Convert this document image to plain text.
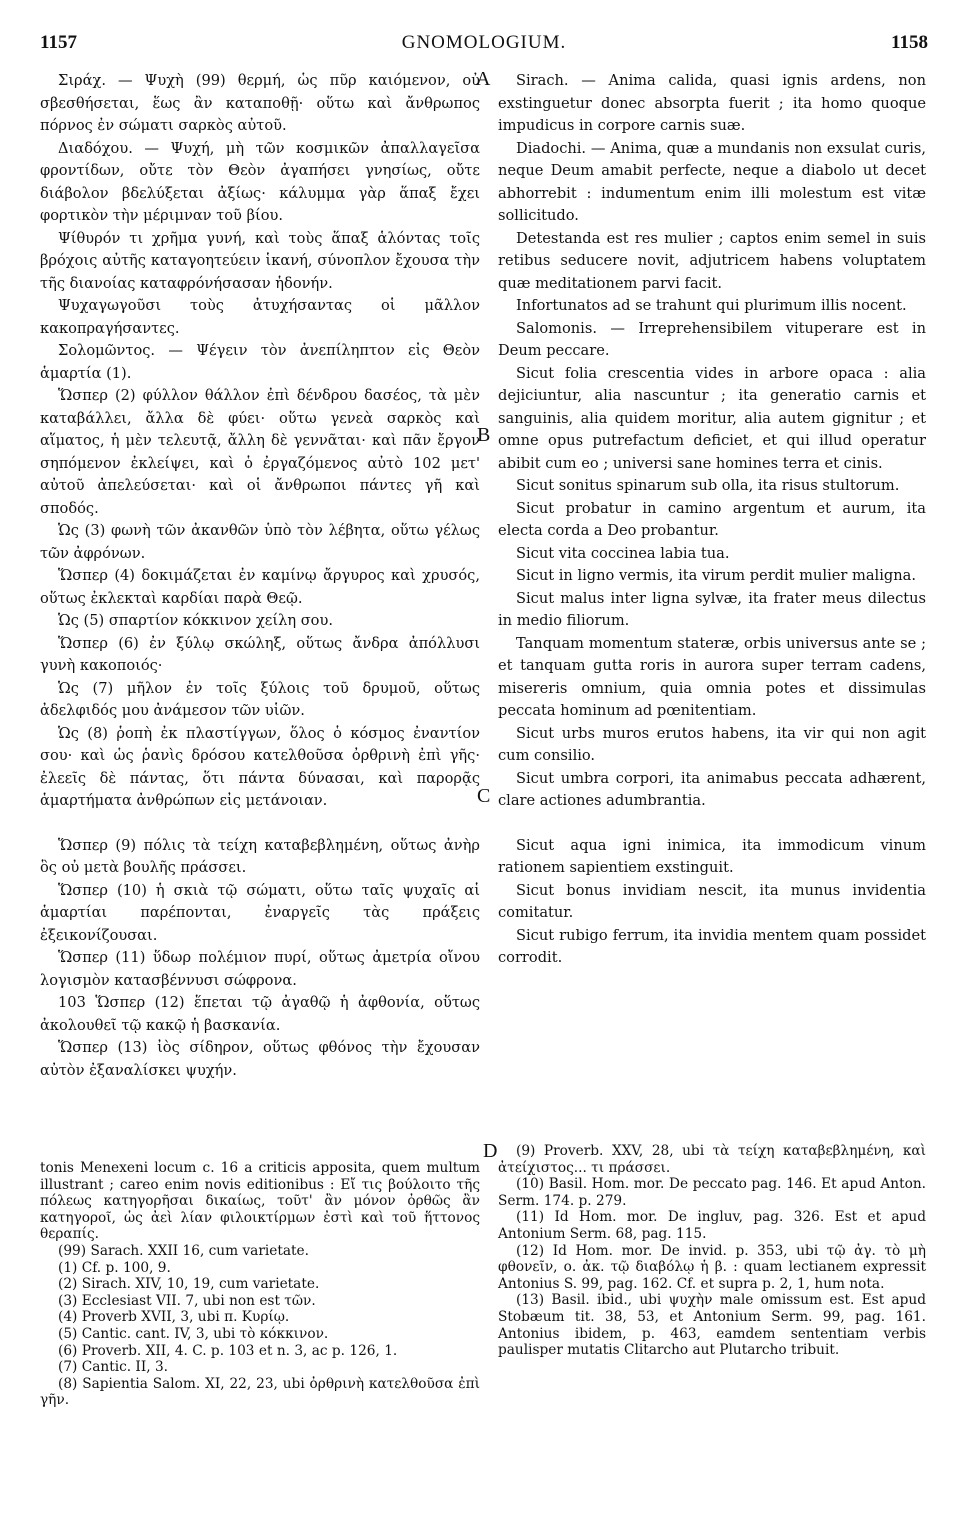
1157	GNOMOLOGIUM.	1158
A
B
C
D

Σιράχ. — Ψυχὴ (99) θερμή, ὡς πῦρ καιόμενον, οὐ σβεσθήσεται, ἕως ἂν καταποθῇ· οὕτω καὶ ἄνθρωπος πόρνος ἐν σώματι σαρκὸς αὐτοῦ.

Διαδόχου. — Ψυχή, μὴ τῶν κοσμικῶν ἀπαλλαγεῖσα φροντίδων, οὔτε τὸν Θεὸν ἀγαπήσει γνησίως, οὔτε διάβολον βδελύξεται ἀξίως· κάλυμμα γὰρ ἅπαξ ἔχει φορτικὸν τὴν μέριμναν τοῦ βίου.

Ψίθυρόν τι χρῆμα γυνή, καὶ τοὺς ἅπαξ ἁλόντας τοῖς βρόχοις αὐτῆς καταγοητεύειν ἱκανή, σύνοπλον ἔχουσα τὴν τῆς διανοίας καταφρόνήσασαν ἡδονήν.

Ψυχαγωγοῦσι τοὺς ἀτυχήσαντας οἱ μᾶλλον κακοπραγήσαντες.

Σολομῶντος. — Ψέγειν τὸν ἀνεπίληπτον εἰς Θεὸν ἁμαρτία (1).

Ὥσπερ (2) φύλλον θάλλον ἐπὶ δένδρου δασέος, τὰ μὲν καταβάλλει, ἄλλα δὲ φύει· οὕτω γενεὰ σαρκὸς καὶ αἵματος, ἡ μὲν τελευτᾷ, ἄλλη δὲ γεννᾶται· καὶ πᾶν ἔργον σηπόμενον ἐκλείψει, καὶ ὁ ἐργαζόμενος αὐτὸ 102 μετ' αὐτοῦ ἀπελεύσεται· καὶ οἱ ἄνθρωποι πάντες γῆ καὶ σποδός.

Ὡς (3) φωνὴ τῶν ἀκανθῶν ὑπὸ τὸν λέβητα, οὕτω γέλως τῶν ἀφρόνων.

Ὥσπερ (4) δοκιμάζεται ἐν καμίνῳ ἄργυρος καὶ χρυσός, οὕτως ἐκλεκταὶ καρδίαι παρὰ Θεῷ.

Ὡς (5) σπαρτίον κόκκινον χείλη σου.

Ὥσπερ (6) ἐν ξύλῳ σκώληξ, οὕτως ἄνδρα ἀπόλλυσι γυνὴ κακοποιός·

Ὡς (7) μῆλον ἐν τοῖς ξύλοις τοῦ δρυμοῦ, οὕτως ἀδελφιδός μου ἀνάμεσον τῶν υἱῶν.

Ὡς (8) ῥοπὴ ἐκ πλαστίγγων, ὅλος ὁ κόσμος ἐναντίον σου· καὶ ὡς ῥανὶς δρόσου κατελθοῦσα ὀρθρινὴ ἐπὶ γῆς· ἐλεεῖς δὲ πάντας, ὅτι πάντα δύνασαι, καὶ παρορᾷς ἁμαρτήματα ἀνθρώπων εἰς μετάνοιαν.

Ὥσπερ (9) πόλις τὰ τείχη καταβεβλημένη, οὕτως ἀνὴρ ὃς οὐ μετὰ βουλῆς πράσσει.

Ὥσπερ (10) ἡ σκιὰ τῷ σώματι, οὕτω ταῖς ψυχαῖς αἱ ἁμαρτίαι παρέπονται, ἐναργεῖς τὰς πράξεις ἐξεικονίζουσαι.

Ὥσπερ (11) ὕδωρ πολέμιον πυρί, οὕτως ἀμετρία οἴνου λογισμὸν κατασβέννυσι σώφρονα.

103 Ὥσπερ (12) ἕπεται τῷ ἀγαθῷ ἡ ἀφθονία, οὕτως ἀκολουθεῖ τῷ κακῷ ἡ βασκανία.

Ὥσπερ (13) ἰὸς σίδηρον, οὕτως φθόνος τὴν ἔχουσαν αὐτὸν ἐξαναλίσκει ψυχήν.

Sirach. — Anima calida, quasi ignis ardens, non exstinguetur donec absorpta fuerit ; ita homo quoque impudicus in corpore carnis suæ.

Diadochi. — Anima, quæ a mundanis non exsulat curis, neque Deum amabit perfecte, neque a diabolo ut decet abhorrebit : indumentum enim illi molestum est vitæ sollicitudo.

Detestanda est res mulier ; captos enim semel in suis retibus seducere novit, adjutricem habens voluptatem quæ meditationem parvi facit.

Infortunatos ad se trahunt qui plurimum illis nocent.

Salomonis. — Irreprehensibilem vituperare est in Deum peccare.

Sicut folia crescentia vides in arbore opaca : alia dejiciuntur, alia nascuntur ; ita generatio carnis et sanguinis, alia quidem moritur, alia autem gignitur ; et omne opus putrefactum deficiet, et qui illud operatur abibit cum eo ; universi sane homines terra et cinis.

Sicut sonitus spinarum sub olla, ita risus stultorum.

Sicut probatur in camino argentum et aurum, ita electa corda a Deo probantur.

Sicut vita coccinea labia tua.

Sicut in ligno vermis, ita virum perdit mulier maligna.

Sicut malus inter ligna sylvæ, ita frater meus dilectus in medio filiorum.

Tanquam momentum stateræ, orbis universus ante se ; et tanquam gutta roris in aurora super terram cadens, misereris omnium, quia omnia potes et dissimulas peccata hominum ad pœnitentiam.

Sicut urbs muros erutos habens, ita vir qui non agit cum consilio.

Sicut umbra corpori, ita animabus peccata adhærent, clare actiones adumbrantia.

Sicut aqua igni inimica, ita immodicum vinum rationem sapientiem exstinguit.

Sicut bonus invidiam nescit, ita munus invidentia comitatur.

Sicut rubigo ferrum, ita invidia mentem quam possidet corrodit.

tonis Menexeni locum c. 16 a criticis apposita, quem multum illustrant ; careo enim novis editionibus : Εἴ τις βούλοιτο τῆς πόλεως κατηγορῆσαι δικαίως, τοῦτ' ἂν μόνον ὀρθῶς ἂν κατηγοροῖ, ὡς ἀεὶ λίαν φιλοικτίρμων ἐστὶ καὶ τοῦ ἥττονος θεραπίς.

(99) Sarach. XXII 16, cum varietate.

(1) Cf. p. 100, 9.

(2) Sirach. XIV, 10, 19, cum varietate.

(3) Ecclesiast VII. 7, ubi non est τῶν.

(4) Proverb XVII, 3, ubi π. Κυρίῳ.

(5) Cantic. cant. IV, 3, ubi τὸ κόκκινον.

(6) Proverb. XII, 4. C. p. 103 et n. 3, ac p. 126, 1.

(7) Cantic. II, 3.

(8) Sapientia Salom. XI, 22, 23, ubi ὀρθρινὴ κατελθοῦσα ἐπὶ γῆν.

(9) Proverb. XXV, 28, ubi τὰ τείχη καταβεβλημένη, καὶ ἀτείχιστος... τι πράσσει.

(10) Basil. Hom. mor. De peccato pag. 146. Et apud Anton. Serm. 174. p. 279.

(11) Id Hom. mor. De ingluv, pag. 326. Est et apud Antonium Serm. 68, pag. 115.

(12) Id Hom. mor. De invid. p. 353, ubi τῷ ἀγ. τὸ μὴ φθονεῖν, ο. ἀκ. τῷ διαβόλῳ ἡ β. : quam lectianem expressit Antonius S. 99, pag. 162. Cf. et supra p. 2, 1, hum nota.

(13) Basil. ibid., ubi ψυχὴν male omissum est. Est apud Stobæum tit. 38, 53, et Antonium Serm. 99, pag. 161. Antonius ibidem, p. 463, eamdem sententiam verbis paulisper mutatis Clitarcho aut Plutarcho tribuit.
